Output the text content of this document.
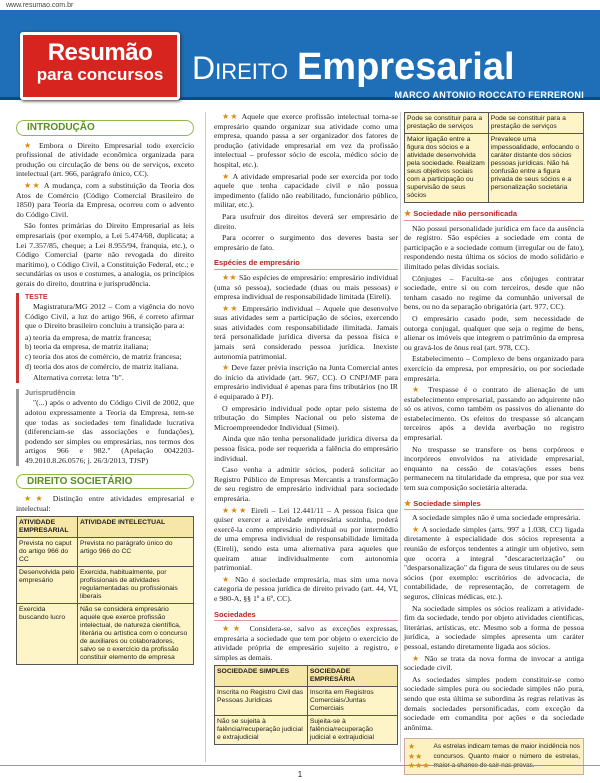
www.resumao.com.br
Resumão
para concursos Direito Empresarial
MARCO ANTONIO ROCCATO FERRERONI
INTRODUÇÃO

★ Embora o Direito Empresarial todo exercício profissional de atividade econômica organizada para produção ou circulação de bens ou de serviços, exceto intelectual (art. 966, parágrafo único, CC).

★★ A mudança, com a substituição da Teoria dos Atos de Comércio (Código Comercial Brasileiro de 1850) para Teoria da Empresa, ocorreu com o advento do Código Civil.

São fontes primárias do Direito Empresarial as leis empresariais (por exemplo, a Lei 5.474/68, duplicata; a Lei 7.357/85, cheque; a Lei 8.955/94, franquia, etc.), o Código Comercial (parte não revogada do direito marítimo), o Código Civil, a Constituição Federal, etc.; e secundárias os usos e costumes, a analogia, os princípios gerais do direito, doutrina e jurisprudência.

TESTE

Magistratura/MG 2012 – Com a vigência do novo Código Civil, a luz do artigo 966, é correto afirmar que o Direito brasileiro concluiu a transição para a:

a) teoria da empresa, de matriz francesa;
b) teoria da empresa, de matriz italiana;
c) teoria dos atos de comércio, de matriz francesa;
d) teoria dos atos de comércio, de matriz italiana.

Alternativa correta: letra "b".

Jurisprudência

"(...) após o advento do Código Civil de 2002, que adotou expressamente a Teoria da Empresa, tem-se que todas as sociedades tem finalidade lucrativa (diferenciam-se das associações e fundações), podendo ser simples ou empresárias, nos termos dos artigos 966 e 982." (Apelação 0042203-49.2010.8.26.0576; j. 26/3/2013, TJSP)

DIREITO SOCIETÁRIO

★★ Distinção entre atividades empresarial e intelectual:

ATIVIDADE EMPRESARIAL	ATIVIDADE INTELECTUAL
Prevista no caput do artigo 966 do CC	Prevista no parágrafo único do artigo 966 do CC
Desenvolvida pelo empresário	Exercida, habitualmente, por profissionais de atividades regulamentadas ou profissionais liberais
Exercida buscando lucro	Não se considera empresário aquele que exerce profissão intelectual, de natureza científica, literária ou artística com o concurso de auxiliares ou colaboradores, salvo se o exercício da profissão constituir elemento de empresa

★★ Aquele que exerce profissão intelectual torna-se empresário quando organizar sua atividade como uma empresa, quando passa a ser organizador dos fatores de produção (atividade empresarial em vez da profissão intelectual – professor sócio de escola, médico sócio de hospital, etc.).

★ A atividade empresarial pode ser exercida por todo aquele que tenha capacidade civil e não possua impedimento (falido não reabilitado, funcionário público, militar, etc.).

Para usufruir dos direitos deverá ser empresário de direito.

Para ocorrer o surgimento dos deveres basta ser empresário de fato.

Espécies de empresário

★★ São espécies de empresário: empresário individual (uma só pessoa), sociedade (duas ou mais pessoas) e empresa individual de responsabilidade limitada (Eireli).

★★ Empresário individual – Aquele que desenvolve suas atividades sem a participação de sócios, exercendo suas atividades com responsabilidade ilimitada. Jamais terá personalidade jurídica diversa da pessoa física e jamais será considerado pessoa jurídica. Inexiste autonomia patrimonial.

★ Deve fazer prévia inscrição na Junta Comercial antes do início da atividade (art. 967, CC). O CNPJ/MF para empresário individual é apenas para fins tributários (no IR é equiparado à PJ).

O empresário individual pode optar pelo sistema de tributação do Simples Nacional ou pelo sistema de Microempreendedor Individual (Simei).

Ainda que não tenha personalidade jurídica diversa da pessoa física, pode ser requerida a falência do empresário individual.

Caso venha a admitir sócios, poderá solicitar ao Registro Público de Empresas Mercantis a transformação de seu registro de empresário individual para sociedade empresária.

★★★ Eireli – Lei 12.441/11 – A pessoa física que quiser exercer a atividade empresária sozinha, poderá exercê-la como empresário individual ou por intermédio de uma empresa individual de responsabilidade limitada (Eireli), sendo esta uma alternativa para aqueles que queiram atuar individualmente com autonomia patrimonial.

★ Não é sociedade empresária, mas sim uma nova categoria de pessoa jurídica de direito privado (art. 44, VI, e 980-A, §§ 1º a 6º, CC).

Sociedades

★★ Considera-se, salvo as exceções expressas, empresária a sociedade que tem por objeto o exercício de atividade própria de empresário sujeito a registro, e simples as demais.

SOCIEDADE SIMPLES	SOCIEDADE EMPRESÁRIA
Inscrita no Registro Civil das Pessoas Jurídicas	Inscrita em Registros Comerciais/Juntas Comerciais
Não se sujeita à falência/recuperação judicial e extrajudicial	Sujeita-se à falência/recuperação judicial e extrajudicial
Pode se constituir para a prestação de serviços	Pode se constituir para a prestação de serviços
Maior ligação entre a figura dos sócios e a atividade desenvolvida pela sociedade. Realizam seus objetivos sociais com a participação ou supervisão de seus sócios	Prevalece uma impessoalidade, enfocando o caráter distante dos sócios pessoas jurídicas. Não há confusão entre a figura privada de seus sócios e a personalização societária
★ Sociedade não personificada

Não possui personalidade jurídica em face da ausência de registro. São espécies a sociedade em conta de participação e a sociedade comum (irregular ou de fato), respondendo nesta última os sócios de modo solidário e ilimitado pelas dívidas sociais.

Cônjuges – Faculta-se aos cônjuges contratar sociedade, entre si ou com terceiros, desde que não tenham casado no regime da comunhão universal de bens, ou no da separação obrigatória (art. 977, CC).

O empresário casado pode, sem necessidade de outorga conjugal, qualquer que seja o regime de bens, alienar os imóveis que integrem o patrimônio da empresa ou gravá-los de ônus real (art. 978, CC).

Estabelecimento – Complexo de bens organizado para exercício da empresa, por empresário, ou por sociedade empresária.

★ Trespasse é o contrato de alienação de um estabelecimento empresarial, passando ao adquirente não só os ativos, como também os passivos do alienante do estabelecimento. Os efeitos do trespasse só alcançam terceiros após a devida averbação no registro empresarial.

No trespasse se transfere os bens corpóreos e incorpóreos envolvidos na atividade empresarial, enquanto na cessão de cotas/ações esses bens permanecem na titularidade da empresa, que por sua vez tem sua composição societária alterada.

★ Sociedade simples

A sociedade simples não é uma sociedade empresária.

★ A sociedade simples (arts. 997 a 1.038, CC) ligada diretamente à especialidade dos sócios representa a reunião de esforços tendentes a atingir um objetivo, sem que ocorra a integral "descaracterização" ou "desparsonalização" da figura de seus titulares ou de seus sócios (por exemplo: escritórios de advocacia, de contabilidade, de representação, de corretagem de seguros, clínicas médicas, etc.).

Na sociedade simples os sócios realizam a atividade-fim da sociedade, tendo por objeto atividades científicas, literárias, artísticas, etc. Mesmo sob a forma de pessoa jurídica, a sociedade simples apresenta um caráter pessoal, estando diretamente ligada aos sócios.

★ Não se trata da nova forma de invocar a antiga sociedade civil.

As sociedades simples podem constituir-se como sociedade simples pura ou sociedade simples não pura, sendo que esta última se subordina às regras relativas às demais sociedades personificadas, com exceção da sociedade em comandita por ações e da sociedade anônima.

★
★★
★★★
As estrelas indicam temas de maior incidência nos concursos. Quanto maior o número de estrelas, maior a chance de cair nas provas.
1
